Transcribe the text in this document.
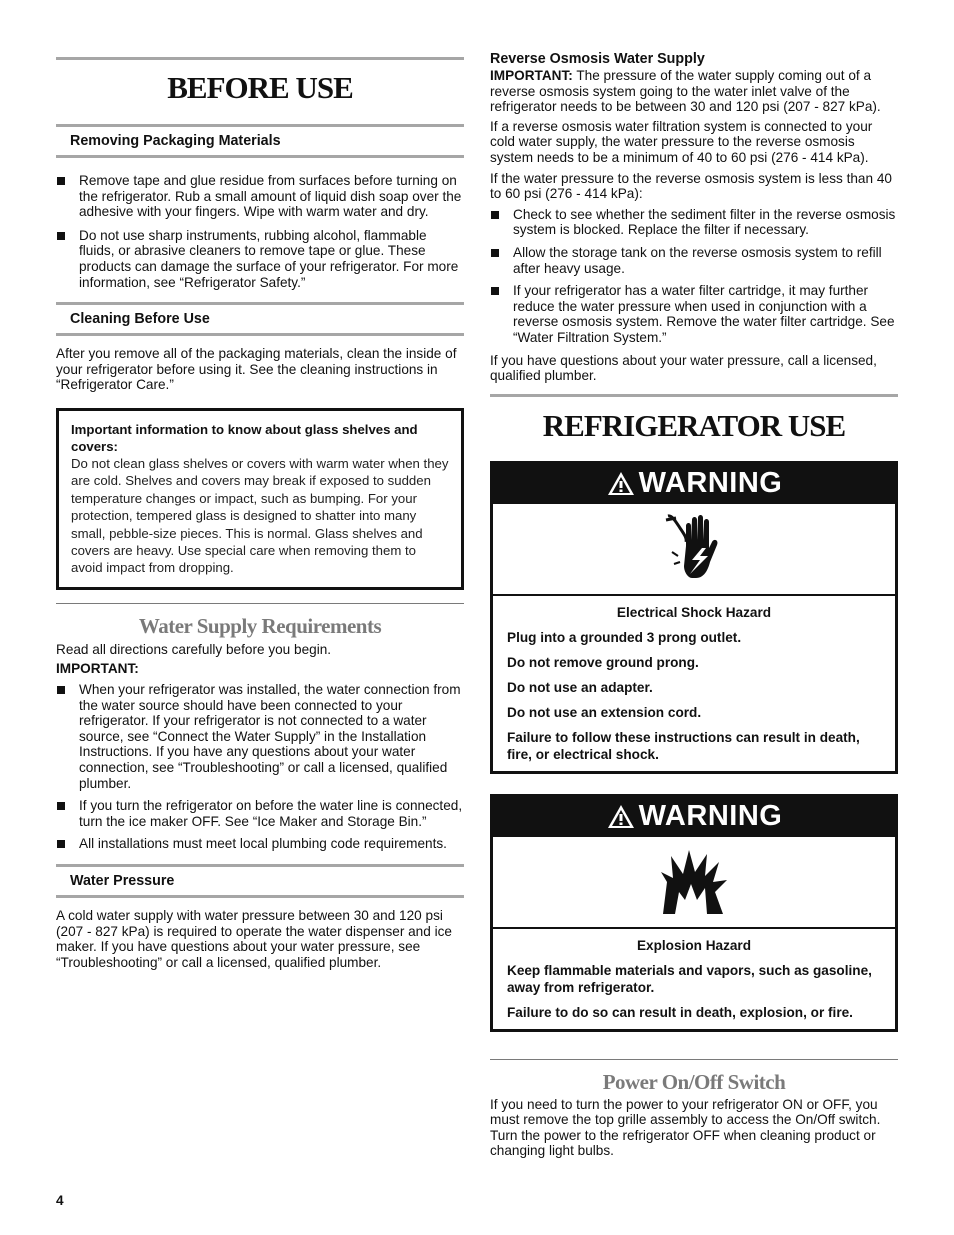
BEFORE USE
Removing Packaging Materials
Remove tape and glue residue from surfaces before turning on the refrigerator. Rub a small amount of liquid dish soap over the adhesive with your fingers. Wipe with warm water and dry.
Do not use sharp instruments, rubbing alcohol, flammable fluids, or abrasive cleaners to remove tape or glue. These products can damage the surface of your refrigerator. For more information, see “Refrigerator Safety.”
Cleaning Before Use

After you remove all of the packaging materials, clean the inside of your refrigerator before using it. See the cleaning instructions in “Refrigerator Care.”

Important information to know about glass shelves and covers:
Do not clean glass shelves or covers with warm water when they are cold. Shelves and covers may break if exposed to sudden temperature changes or impact, such as bumping. For your protection, tempered glass is designed to shatter into many small, pebble-size pieces. This is normal. Glass shelves and covers are heavy. Use special care when removing them to avoid impact from dropping.
Water Supply Requirements

Read all directions carefully before you begin.

IMPORTANT:

When your refrigerator was installed, the water connection from the water source should have been connected to your refrigerator. If your refrigerator is not connected to a water source, see “Connect the Water Supply” in the Installation Instructions. If you have any questions about your water connection, see “Troubleshooting” or call a licensed, qualified plumber.
If you turn the refrigerator on before the water line is connected, turn the ice maker OFF. See “Ice Maker and Storage Bin.”
All installations must meet local plumbing code requirements.
Water Pressure

A cold water supply with water pressure between 30 and 120 psi (207 - 827 kPa) is required to operate the water dispenser and ice maker. If you have questions about your water pressure, see “Troubleshooting” or call a licensed, qualified plumber.

Reverse Osmosis Water Supply

IMPORTANT: The pressure of the water supply coming out of a reverse osmosis system going to the water inlet valve of the refrigerator needs to be between 30 and 120 psi (207 - 827 kPa).

If a reverse osmosis water filtration system is connected to your cold water supply, the water pressure to the reverse osmosis system needs to be a minimum of 40 to 60 psi (276 - 414 kPa).

If the water pressure to the reverse osmosis system is less than 40 to 60 psi (276 - 414 kPa):

Check to see whether the sediment filter in the reverse osmosis system is blocked. Replace the filter if necessary.
Allow the storage tank on the reverse osmosis system to refill after heavy usage.
If your refrigerator has a water filter cartridge, it may further reduce the water pressure when used in conjunction with a reverse osmosis system. Remove the water filter cartridge. See “Water Filtration System.”

If you have questions about your water pressure, call a licensed, qualified plumber.

REFRIGERATOR USE
WARNING

Electrical Shock Hazard

Plug into a grounded 3 prong outlet.

Do not remove ground prong.

Do not use an adapter.

Do not use an extension cord.

Failure to follow these instructions can result in death, fire, or electrical shock.

WARNING

Explosion Hazard

Keep flammable materials and vapors, such as gasoline, away from refrigerator.

Failure to do so can result in death, explosion, or fire.

Power On/Off Switch

If you need to turn the power to your refrigerator ON or OFF, you must remove the top grille assembly to access the On/Off switch. Turn the power to the refrigerator OFF when cleaning product or changing light bulbs.

4
